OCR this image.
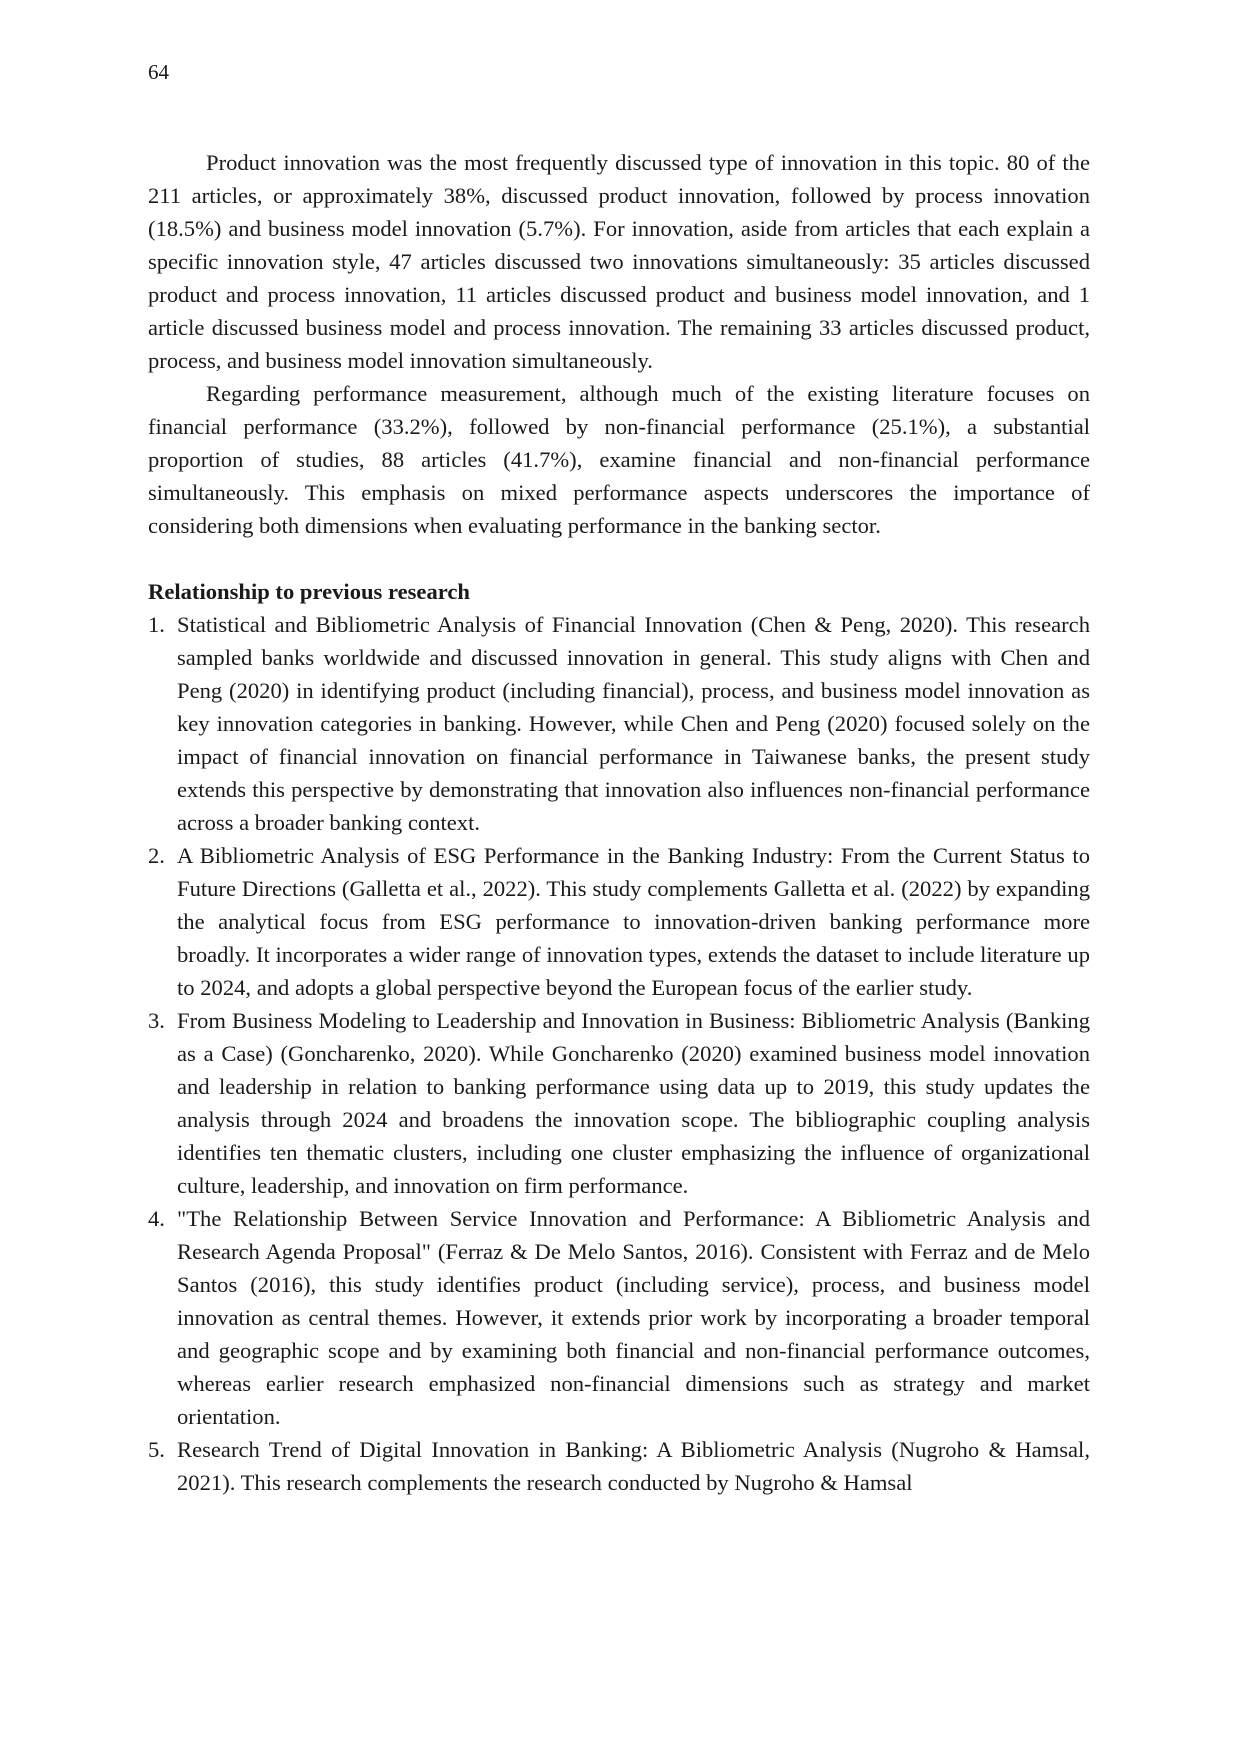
64

Product innovation was the most frequently discussed type of innovation in this topic. 80 of the 211 articles, or approximately 38%, discussed product innovation, followed by process innovation (18.5%) and business model innovation (5.7%). For innovation, aside from articles that each explain a specific innovation style, 47 articles discussed two innovations simultaneously: 35 articles discussed product and process innovation, 11 articles discussed product and business model innovation, and 1 article discussed business model and process innovation. The remaining 33 articles discussed product, process, and business model innovation simultaneously.

Regarding performance measurement, although much of the existing literature focuses on financial performance (33.2%), followed by non-financial performance (25.1%), a substantial proportion of studies, 88 articles (41.7%), examine financial and non-financial performance simultaneously. This emphasis on mixed performance aspects underscores the importance of considering both dimensions when evaluating performance in the banking sector.

Relationship to previous research

1. Statistical and Bibliometric Analysis of Financial Innovation (Chen & Peng, 2020). This research sampled banks worldwide and discussed innovation in general. This study aligns with Chen and Peng (2020) in identifying product (including financial), process, and business model innovation as key innovation categories in banking. However, while Chen and Peng (2020) focused solely on the impact of financial innovation on financial performance in Taiwanese banks, the present study extends this perspective by demonstrating that innovation also influences non-financial performance across a broader banking context.
2. A Bibliometric Analysis of ESG Performance in the Banking Industry: From the Current Status to Future Directions (Galletta et al., 2022). This study complements Galletta et al. (2022) by expanding the analytical focus from ESG performance to innovation-driven banking performance more broadly. It incorporates a wider range of innovation types, extends the dataset to include literature up to 2024, and adopts a global perspective beyond the European focus of the earlier study.
3. From Business Modeling to Leadership and Innovation in Business: Bibliometric Analysis (Banking as a Case) (Goncharenko, 2020). While Goncharenko (2020) examined business model innovation and leadership in relation to banking performance using data up to 2019, this study updates the analysis through 2024 and broadens the innovation scope. The bibliographic coupling analysis identifies ten thematic clusters, including one cluster emphasizing the influence of organizational culture, leadership, and innovation on firm performance.
4. "The Relationship Between Service Innovation and Performance: A Bibliometric Analysis and Research Agenda Proposal" (Ferraz & De Melo Santos, 2016). Consistent with Ferraz and de Melo Santos (2016), this study identifies product (including service), process, and business model innovation as central themes. However, it extends prior work by incorporating a broader temporal and geographic scope and by examining both financial and non-financial performance outcomes, whereas earlier research emphasized non-financial dimensions such as strategy and market orientation.
5. Research Trend of Digital Innovation in Banking: A Bibliometric Analysis (Nugroho & Hamsal, 2021). This research complements the research conducted by Nugroho & Hamsal
